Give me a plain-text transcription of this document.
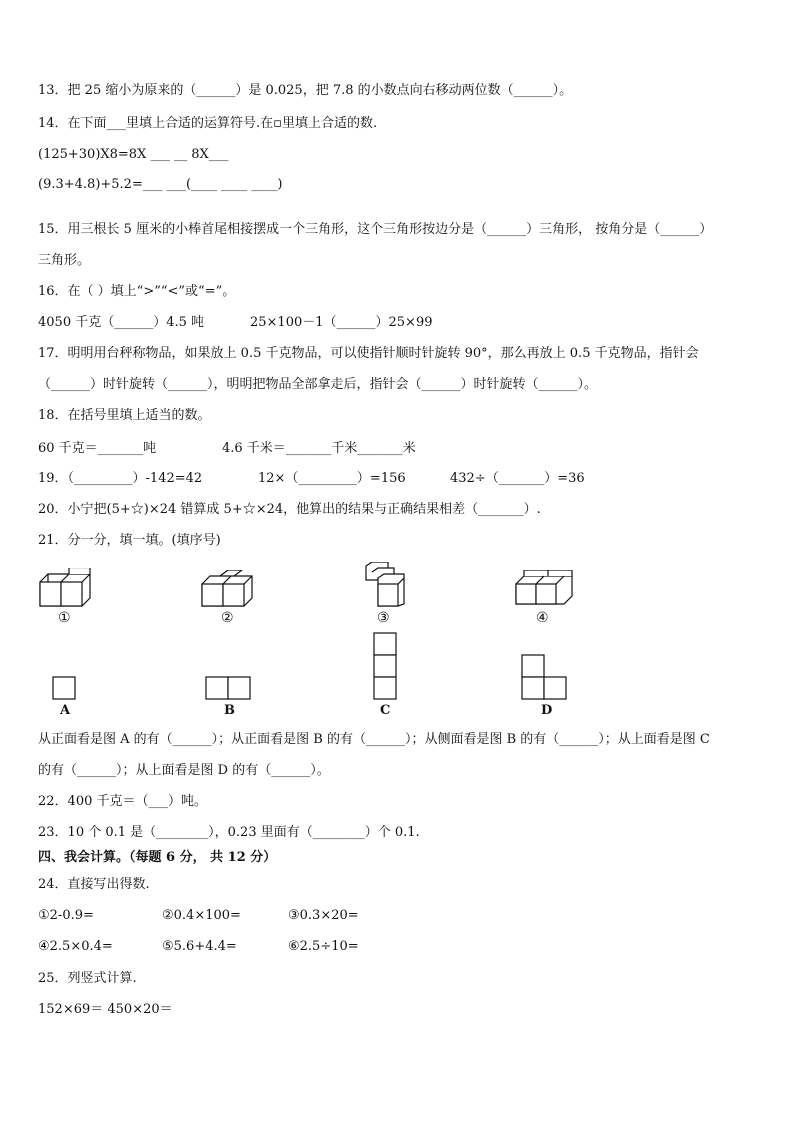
13．把 25 缩小为原来的（______）是 0.025，把 7.8 的小数点向右移动两位数（______）。
14．在下面___里填上合适的运算符号.在▫里填上合适的数.
(125+30)X8=8X ___ __ 8X___
(9.3+4.8)+5.2=___ ___(____ ____ ____)
15．用三根长 5 厘米的小棒首尾相接摆成一个三角形，这个三角形按边分是（______）三角形， 按角分是（______）
三角形。
16．在（ ）填上“>”“<”或“=”。
4050 千克（______）4.5 吨	25×100－1（______）25×99
17．明明用台秤称物品，如果放上 0.5 千克物品，可以使指针顺时针旋转 90°，那么再放上 0.5 千克物品，指针会
（______）时针旋转（______），明明把物品全部拿走后，指针会（______）时针旋转（______）。
18．在括号里填上适当的数。
60 千克＝_______吨	4.6 千米＝_______千米_______米
19．（_________）-142=42	12×（_________）=156	432÷（_______）=36
20．小宁把(5+☆)×24 错算成 5+☆×24，他算出的结果与正确结果相差（_______）.
21．分一分，填一填。(填序号)
①	②	③	④
A	B	C	D
从正面看是图 A 的有（______）；从正面看是图 B 的有（______）；从侧面看是图 B 的有（______）；从上面看是图 C
的有（______）；从上面看是图 D 的有（______）。
22．400 千克＝（___）吨。
23．10 个 0.1 是（________），0.23 里面有（________）个 0.1.
四、我会计算。（每题 6 分， 共 12 分）
24．直接写出得数.
①2-0.9=	②0.4×100=	③0.3×20=
④2.5×0.4=	⑤5.6+4.4=	⑥2.5÷10=
25．列竖式计算.
152×69＝ 450×20＝
